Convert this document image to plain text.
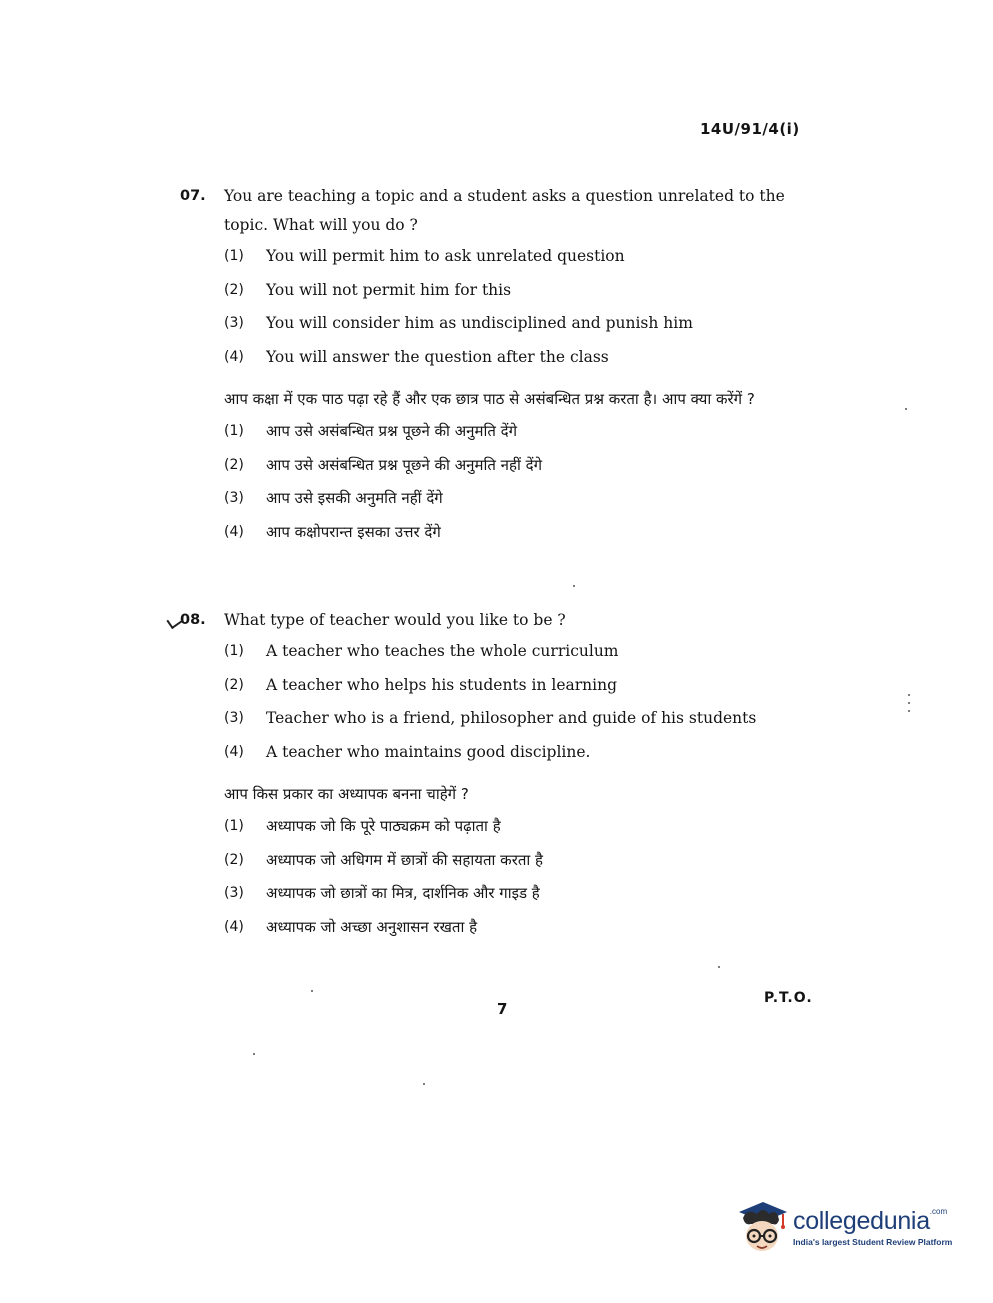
14U/91/4(i)
07.	You are teaching a topic and a student asks a question unrelated to the topic. What will you do ?
(1)	You will permit him to ask unrelated question
(2)	You will not permit him for this
(3)	You will consider him as undisciplined and punish him
(4)	You will answer the question after the class
आप कक्षा में एक पाठ पढ़ा रहे हैं और एक छात्र पाठ से असंबन्धित प्रश्न करता है। आप क्या करेंगें ?
(1)	आप उसे असंबन्धित प्रश्न पूछने की अनुमति देंगे
(2)	आप उसे असंबन्धित प्रश्न पूछने की अनुमति नहीं देंगे
(3)	आप उसे इसकी अनुमति नहीं देंगे
(4)	आप कक्षोपरान्त इसका उत्तर देंगे
08.	What type of teacher would you like to be ?
(1)	A teacher who teaches the whole curriculum
(2)	A teacher who helps his students in learning
(3)	Teacher who is a friend, philosopher and guide of his students
(4)	A teacher who maintains good discipline.
आप किस प्रकार का अध्यापक बनना चाहेगें ?
(1)	अध्यापक जो कि पूरे पाठ्यक्रम को पढ़ाता है
(2)	अध्यापक जो अधिगम में छात्रों की सहायता करता है
(3)	अध्यापक जो छात्रों का मित्र, दार्शनिक और गाइड है
(4)	अध्यापक जो अच्छा अनुशासन रखता है
7
P.T.O.
collegedunia$^{.com}$
India's largest Student Review Platform
